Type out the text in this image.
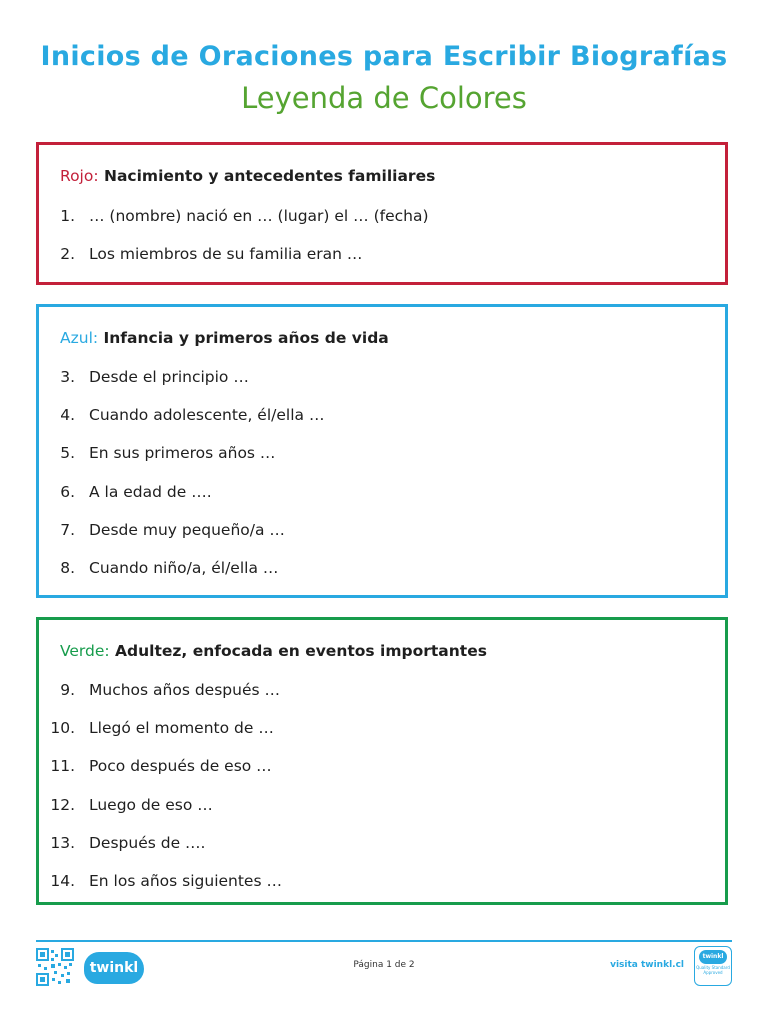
Inicios de Oraciones para Escribir Biografías
Leyenda de Colores
Rojo: Nacimiento y antecedentes familiares
1. … (nombre) nació en … (lugar) el … (fecha)
2. Los miembros de su familia eran …
Azul: Infancia y primeros años de vida
3. Desde el principio …
4. Cuando adolescente, él/ella …
5. En sus primeros años …
6. A la edad de ….
7. Desde muy pequeño/a …
8. Cuando niño/a, él/ella …
Verde: Adultez, enfocada en eventos importantes
9. Muchos años después …
10. Llegó el momento de …
11. Poco después de eso …
12. Luego de eso …
13. Después de ….
14. En los años siguientes …
twinkl	Página 1 de 2	visita twinkl.cl
twinkl
Quality Standard Approved
